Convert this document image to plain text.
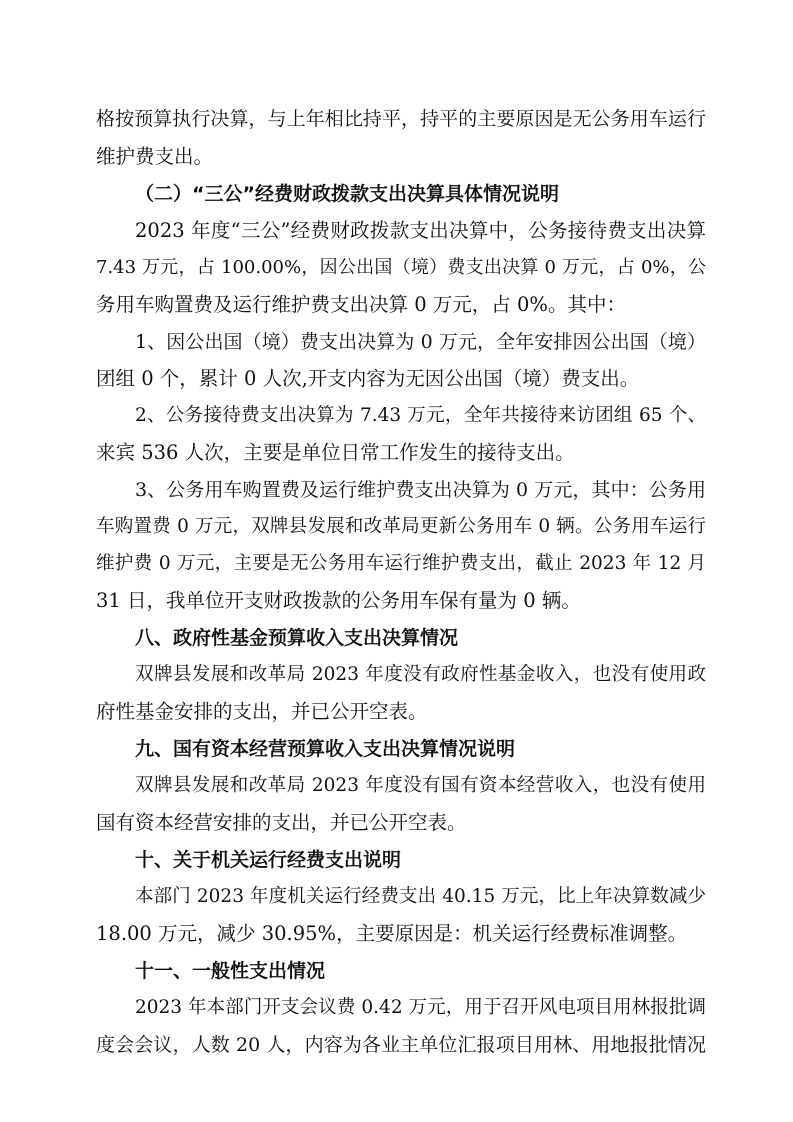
格按预算执行决算，与上年相比持平，持平的主要原因是无公务用车运行
维护费支出。
（二）“三公”经费财政拨款支出决算具体情况说明
2023 年度“三公”经费财政拨款支出决算中，公务接待费支出决算
7.43 万元，占 100.00%，因公出国（境）费支出决算 0 万元，占 0%，公
务用车购置费及运行维护费支出决算 0 万元，占 0%。其中：
1、因公出国（境）费支出决算为 0 万元，全年安排因公出国（境）
团组 0 个，累计 0 人次,开支内容为无因公出国（境）费支出。
2、公务接待费支出决算为 7.43 万元，全年共接待来访团组 65 个、
来宾 536 人次，主要是单位日常工作发生的接待支出。
3、公务用车购置费及运行维护费支出决算为 0 万元，其中：公务用
车购置费 0 万元，双牌县发展和改革局更新公务用车 0 辆。公务用车运行
维护费 0 万元，主要是无公务用车运行维护费支出，截止 2023 年 12 月
31 日，我单位开支财政拨款的公务用车保有量为 0 辆。
八、政府性基金预算收入支出决算情况
双牌县发展和改革局 2023 年度没有政府性基金收入，也没有使用政
府性基金安排的支出，并已公开空表。
九、国有资本经营预算收入支出决算情况说明
双牌县发展和改革局 2023 年度没有国有资本经营收入，也没有使用
国有资本经营安排的支出，并已公开空表。
十、关于机关运行经费支出说明
本部门 2023 年度机关运行经费支出 40.15 万元，比上年决算数减少
18.00 万元，减少 30.95%，主要原因是：机关运行经费标准调整。
十一、一般性支出情况
2023 年本部门开支会议费 0.42 万元，用于召开风电项目用林报批调
度会会议，人数 20 人，内容为各业主单位汇报项目用林、用地报批情况
